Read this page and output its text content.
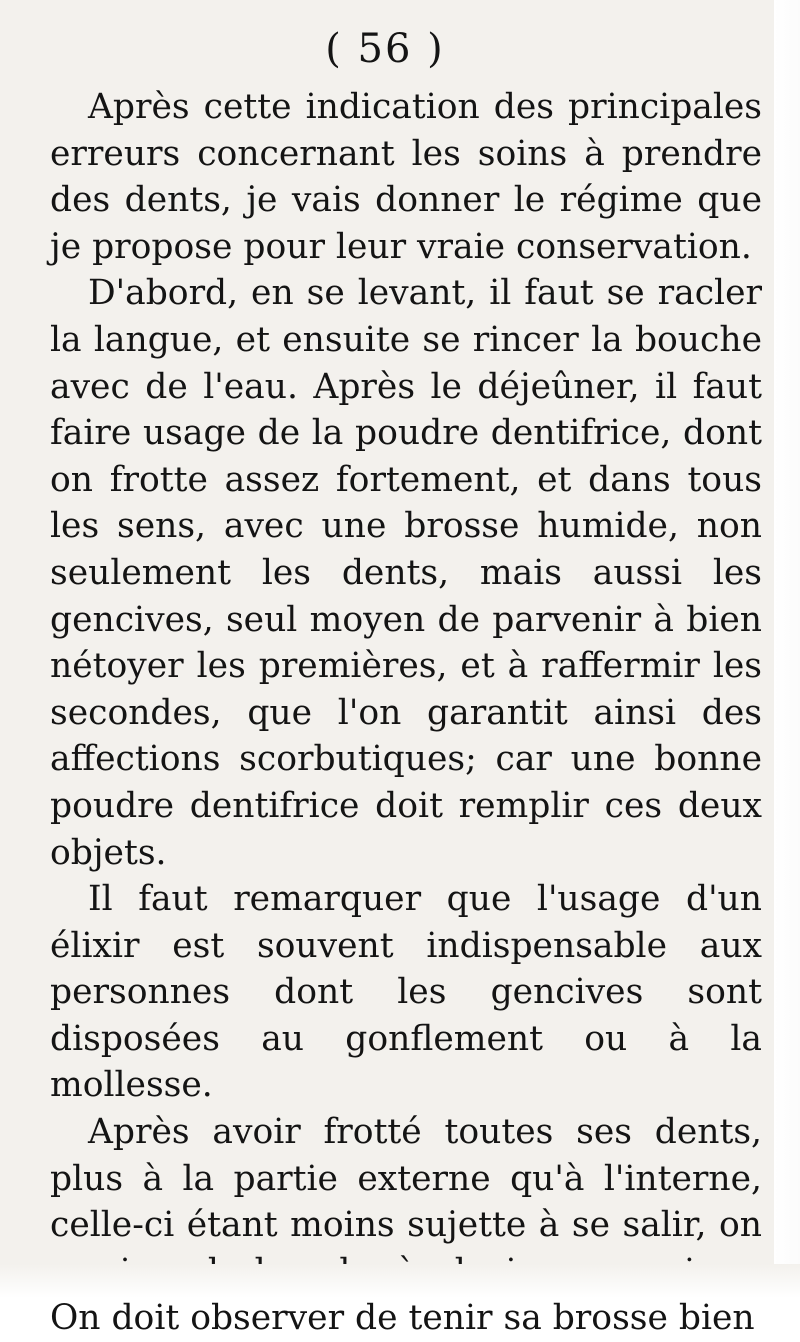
( 56 )

Après cette indication des principales erreurs concernant les soins à prendre des dents, je vais donner le régime que je propose pour leur vraie conservation.

D'abord, en se levant, il faut se racler la langue, et ensuite se rincer la bouche avec de l'eau. Après le déjeûner, il faut faire usage de la poudre dentifrice, dont on frotte assez fortement, et dans tous les sens, avec une brosse humide, non seulement les dents, mais aussi les gencives, seul moyen de parvenir à bien nétoyer les premières, et à raffermir les secondes, que l'on garantit ainsi des affections scorbutiques; car une bonne poudre dentifrice doit remplir ces deux objets.

Il faut remarquer que l'usage d'un élixir est souvent indispensable aux personnes dont les gencives sont disposées au gonflement ou à la mollesse.

Après avoir frotté toutes ses dents, plus à la partie externe qu'à l'interne, celle-ci étant moins sujette à se salir, on On doit observer de tenir sa brosse bien
